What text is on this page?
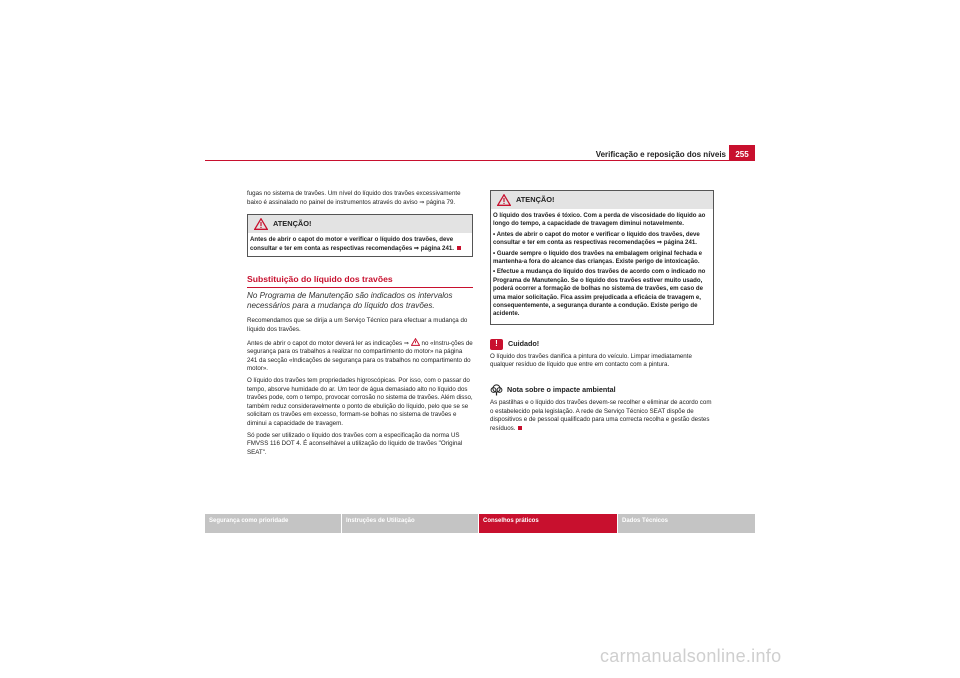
Verificação e reposição dos níveis	255

fugas no sistema de travões. Um nível do líquido dos travões excessivamente baixo é assinalado no painel de instrumentos através do aviso ⇒ página 79.

ATENÇÃO!
Antes de abrir o capot do motor e verificar o líquido dos travões, deve consultar e ter em conta as respectivas recomendações ⇒ página 241.
Substituição do líquido dos travões
No Programa de Manutenção são indicados os intervalos necessários para a mudança do líquido dos travões.

Recomendamos que se dirija a um Serviço Técnico para efectuar a mudança do líquido dos travões.

Antes de abrir o capot do motor deverá ler as indicações ⇒ no «Instru-ções de segurança para os trabalhos a realizar no compartimento do motor» na página 241 da secção «Indicações de segurança para os trabalhos no compartimento do motor».

O líquido dos travões tem propriedades higroscópicas. Por isso, com o passar do tempo, absorve humidade do ar. Um teor de água demasiado alto no líquido dos travões pode, com o tempo, provocar corrosão no sistema de travões. Além disso, também reduz consideravelmente o ponto de ebulição do líquido, pelo que se se solicitam os travões em excesso, formam-se bolhas no sistema de travões e diminui a capacidade de travagem.

Só pode ser utilizado o líquido dos travões com a especificação da norma US FMVSS 116 DOT 4. É aconselhável a utilização do líquido de travões "Original SEAT".

ATENÇÃO!

O líquido dos travões é tóxico. Com a perda de viscosidade do líquido ao longo do tempo, a capacidade de travagem diminui notavelmente.

• Antes de abrir o capot do motor e verificar o líquido dos travões, deve consultar e ter em conta as respectivas recomendações ⇒ página 241.

• Guarde sempre o líquido dos travões na embalagem original fechada e mantenha-a fora do alcance das crianças. Existe perigo de intoxicação.

• Efectue a mudança do líquido dos travões de acordo com o indicado no Programa de Manutenção. Se o líquido dos travões estiver muito usado, poderá ocorrer a formação de bolhas no sistema de travões, em caso de uma maior solicitação. Fica assim prejudicada a eficácia de travagem e, consequentemente, a segurança durante a condução. Existe perigo de acidente.

!	Cuidado!

O líquido dos travões danifica a pintura do veículo. Limpar imediatamente qualquer resíduo de líquido que entre em contacto com a pintura.

Nota sobre o impacte ambiental

As pastilhas e o líquido dos travões devem-se recolher e eliminar de acordo com o estabelecido pela legislação. A rede de Serviço Técnico SEAT dispõe de dispositivos e de pessoal qualificado para uma correcta recolha e gestão destes resíduos.

Segurança como prioridade	Instruções de Utilização	Conselhos práticos	Dados Técnicos
carmanualsonline.info
